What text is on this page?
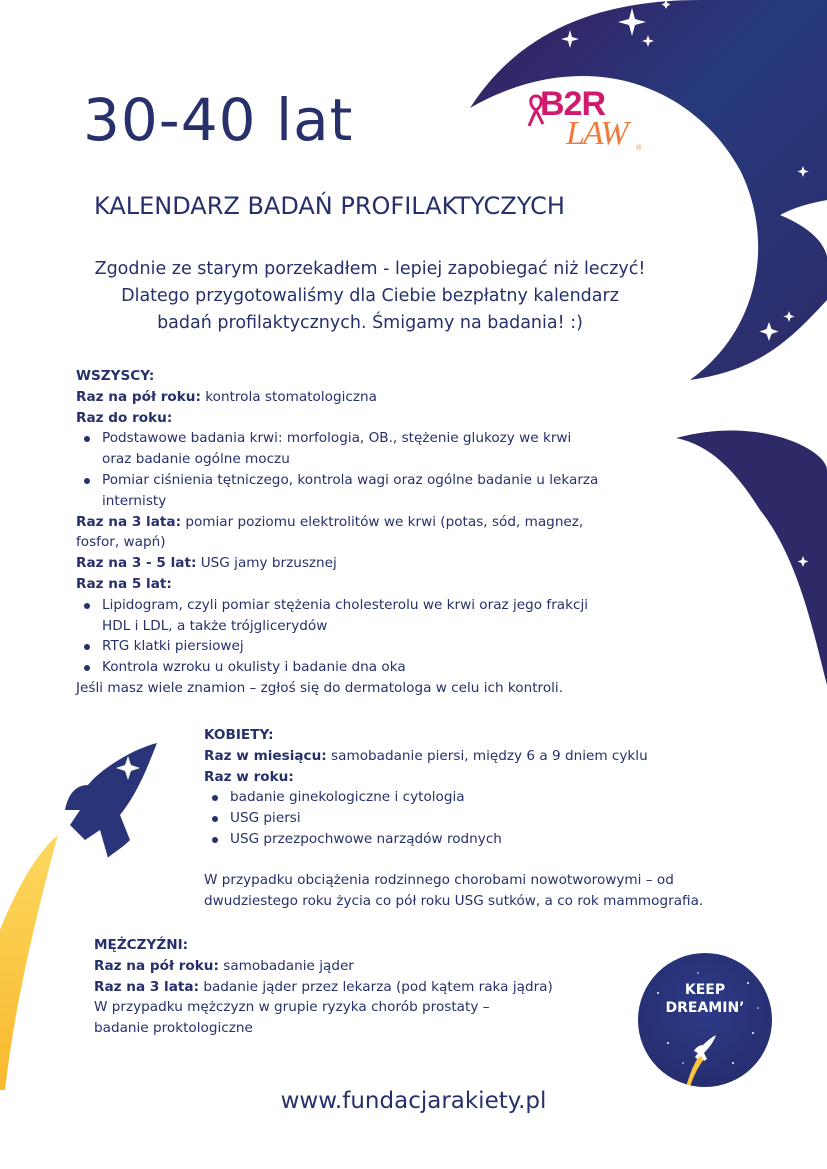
30-40 lat	B2R
LAW ®
KALENDARZ BADAŃ PROFILAKTYCZYCH
Zgodnie ze starym porzekadłem - lepiej zapobiegać niż leczyć!
Dlatego przygotowaliśmy dla Ciebie bezpłatny kalendarz
badań profilaktycznych. Śmigamy na badania! :)
WSZYSCY:
Raz na pół roku: kontrola stomatologiczna
Raz do roku:
Podstawowe badania krwi: morfologia, OB., stężenie glukozy we krwi
oraz badanie ogólne moczu
Pomiar ciśnienia tętniczego, kontrola wagi oraz ogólne badanie u lekarza
internisty
Raz na 3 lata: pomiar poziomu elektrolitów we krwi (potas, sód, magnez,
fosfor, wapń)
Raz na 3 - 5 lat: USG jamy brzusznej
Raz na 5 lat:
Lipidogram, czyli pomiar stężenia cholesterolu we krwi oraz jego frakcji
HDL i LDL, a także trójglicerydów
RTG klatki piersiowej
Kontrola wzroku u okulisty i badanie dna oka
Jeśli masz wiele znamion – zgłoś się do dermatologa w celu ich kontroli.
KOBIETY:
Raz w miesiącu: samobadanie piersi, między 6 a 9 dniem cyklu
Raz w roku:
badanie ginekologiczne i cytologia
USG piersi
USG przezpochwowe narządów rodnych
W przypadku obciążenia rodzinnego chorobami nowotworowymi – od
dwudziestego roku życia co pół roku USG sutków, a co rok mammografia.
MĘŻCZYŹNI:
Raz na pół roku: samobadanie jąder
Raz na 3 lata: badanie jąder przez lekarza (pod kątem raka jądra)
W przypadku mężczyzn w grupie ryzyka chorób prostaty –
badanie proktologiczne
KEEP
DREAMIN’
www.fundacjarakiety.pl
